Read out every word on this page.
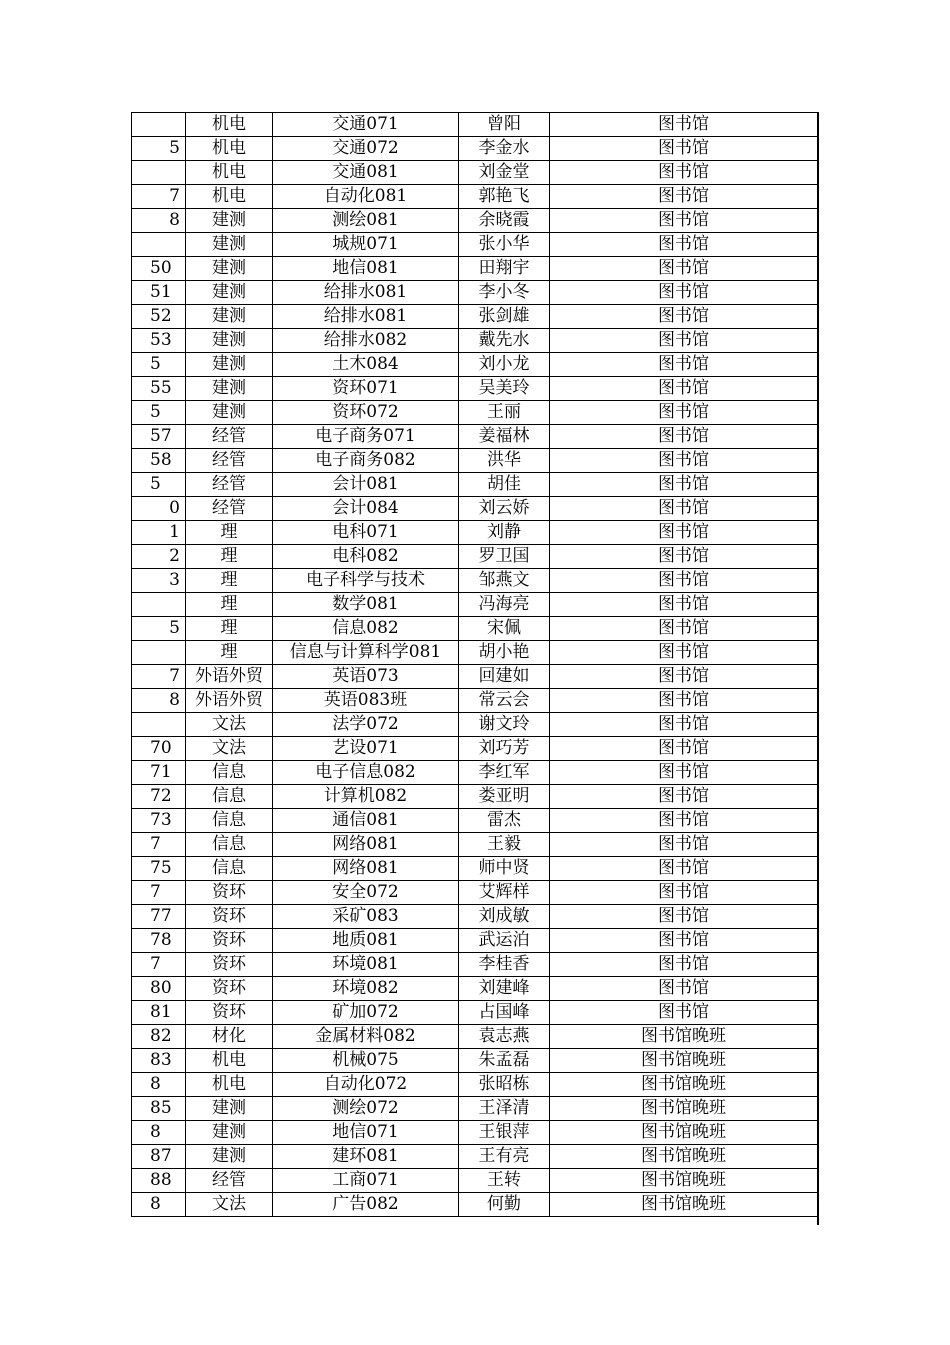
	机电	交通071	曾阳	图书馆
5	机电	交通072	李金水	图书馆
	机电	交通081	刘金堂	图书馆
7	机电	自动化081	郭艳飞	图书馆
8	建测	测绘081	余晓霞	图书馆
	建测	城规071	张小华	图书馆
50	建测	地信081	田翔宇	图书馆
51	建测	给排水081	李小冬	图书馆
52	建测	给排水081	张剑雄	图书馆
53	建测	给排水082	戴先水	图书馆
5	建测	土木084	刘小龙	图书馆
55	建测	资环071	吴美玲	图书馆
5	建测	资环072	王丽	图书馆
57	经管	电子商务071	姜福林	图书馆
58	经管	电子商务082	洪华	图书馆
5	经管	会计081	胡佳	图书馆
0	经管	会计084	刘云娇	图书馆
1	理	电科071	刘静	图书馆
2	理	电科082	罗卫国	图书馆
3	理	电子科学与技术	邹燕文	图书馆
	理	数学081	冯海亮	图书馆
5	理	信息082	宋佩	图书馆
	理	信息与计算科学081	胡小艳	图书馆
7	外语外贸	英语073	回建如	图书馆
8	外语外贸	英语083班	常云会	图书馆
	文法	法学072	谢文玲	图书馆
70	文法	艺设071	刘巧芳	图书馆
71	信息	电子信息082	李红军	图书馆
72	信息	计算机082	娄亚明	图书馆
73	信息	通信081	雷杰	图书馆
7	信息	网络081	王毅	图书馆
75	信息	网络081	师中贤	图书馆
7	资环	安全072	艾辉样	图书馆
77	资环	采矿083	刘成敏	图书馆
78	资环	地质081	武运泊	图书馆
7	资环	环境081	李桂香	图书馆
80	资环	环境082	刘建峰	图书馆
81	资环	矿加072	占国峰	图书馆
82	材化	金属材料082	袁志燕	图书馆晚班
83	机电	机械075	朱孟磊	图书馆晚班
8	机电	自动化072	张昭栋	图书馆晚班
85	建测	测绘072	王泽清	图书馆晚班
8	建测	地信071	王银萍	图书馆晚班
87	建测	建环081	王有亮	图书馆晚班
88	经管	工商071	王转	图书馆晚班
8	文法	广告082	何勤	图书馆晚班
